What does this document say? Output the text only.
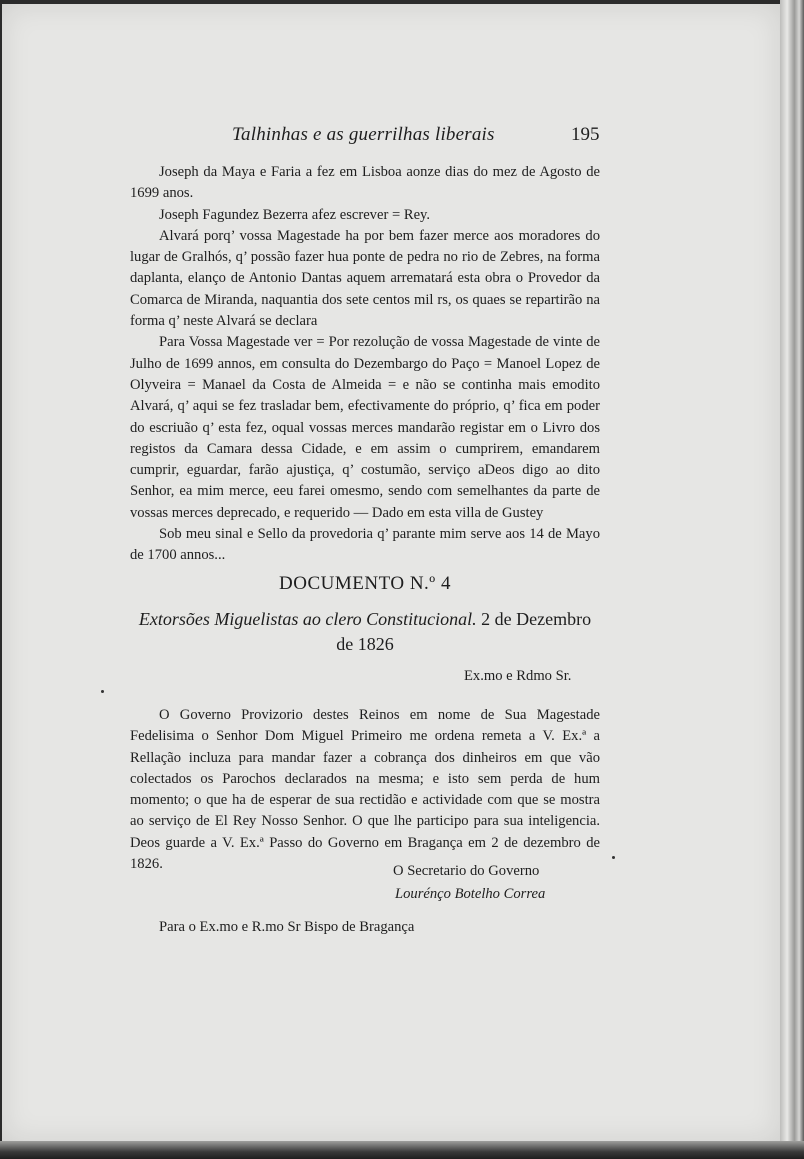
Talhinhas e as guerrilhas liberais	195

Joseph da Maya e Faria a fez em Lisboa aonze dias do mez de Agosto de 1699 anos.

Joseph Fagundez Bezerra afez escrever = Rey.

Alvará porq’ vossa Magestade ha por bem fazer merce aos moradores do lugar de Gralhós, q’ possão fazer hua ponte de pedra no rio de Zebres, na forma daplanta, elanço de Antonio Dantas aquem arrematará esta obra o Provedor da Comarca de Miranda, naquantia dos sete centos mil rs, os quaes se repartirão na forma q’ neste Alvará se declara

Para Vossa Magestade ver = Por rezolução de vossa Magestade de vinte de Julho de 1699 annos, em consulta do Dezembargo do Paço = Manoel Lopez de Olyveira = Manael da Costa de Almeida = e não se continha mais emodito Alvará, q’ aqui se fez trasladar bem, efectivamente do próprio, q’ fica em poder do escriuão q’ esta fez, oqual vossas merces mandarão registar em o Livro dos registos da Camara dessa Cidade, e em assim o cumprirem, emandarem cumprir, eguardar, farão ajustiça, q’ costumão, serviço aDeos digo ao dito Senhor, ea mim merce, eeu farei omesmo, sendo com semelhantes da parte de vossas merces deprecado, e requerido — Dado em esta villa de Gustey

Sob meu sinal e Sello da provedoria q’ parante mim serve aos 14 de Mayo de 1700 annos...

DOCUMENTO N.º 4
Extorsões Miguelistas ao clero Constitucional. 2 de Dezembro de 1826
Ex.mo e Rdmo Sr.

O Governo Provizorio destes Reinos em nome de Sua Magestade Fedelisima o Senhor Dom Miguel Primeiro me ordena remeta a V. Ex.ª a Rellação incluza para mandar fazer a cobrança dos dinheiros em que vão colectados os Parochos declarados na mesma; e isto sem perda de hum momento; o que ha de esperar de sua rectidão e actividade com que se mostra ao serviço de El Rey Nosso Senhor. O que lhe participo para sua inteligencia. Deos guarde a V. Ex.ª Passo do Governo em Bragança em 2 de dezembro de 1826.	O Secretario do Governo
Lourénço Botelho Correa
Para o Ex.mo e R.mo Sr Bispo de Bragança
